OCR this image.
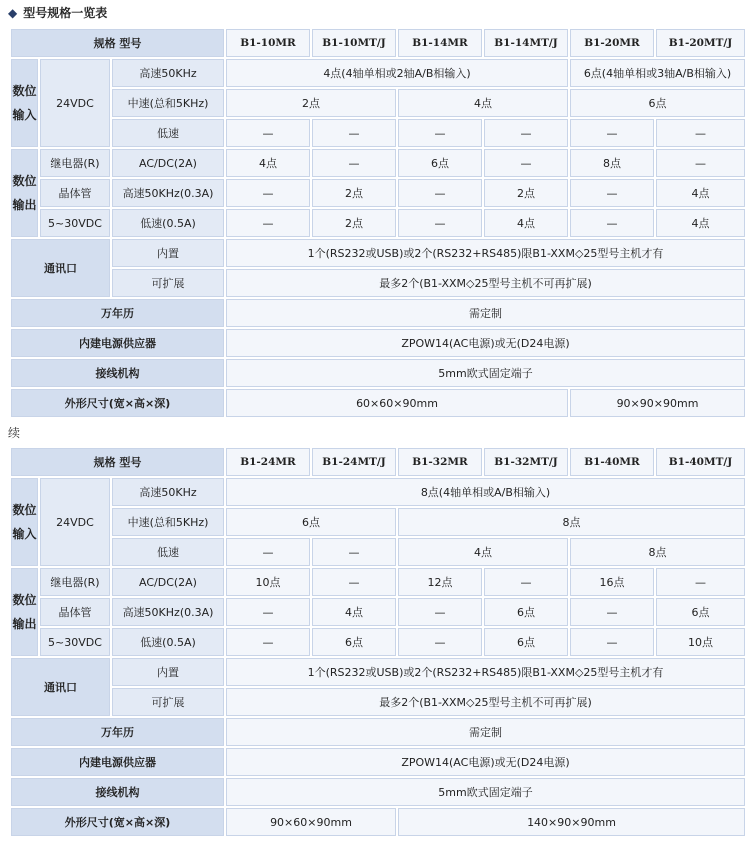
◆ 型号规格一览表
规格 型号			B1-10MR	B1-10MT/J	B1-14MR	B1-14MT/J	B1-20MR	B1-20MT/J
数位输入	24VDC	高速50KHz	4点(4轴单相或2轴A/B相输入)				6点(4轴单相或3轴A/B相输入)	
		中速(总和5KHz)	2点		4点		6点	
		低速	—	—	—	—	—	—
数位输出	继电器(R)	AC/DC(2A)	4点	—	6点	—	8点	—
	晶体管	高速50KHz(0.3A)	—	2点	—	2点	—	4点
	5~30VDC	低速(0.5A)	—	2点	—	4点	—	4点
通讯口		内置	1个(RS232或USB)或2个(RS232+RS485)限B1-XXM◇25型号主机才有					
		可扩展	最多2个(B1-XXM◇25型号主机不可再扩展)					
万年历			需定制					
内建电源供应器			ZPOW14(AC电源)或无(D24电源)					
接线机构			5mm欧式固定端子					
外形尺寸(宽×高×深)			60×60×90mm				90×90×90mm	
续
规格 型号			B1-24MR	B1-24MT/J	B1-32MR	B1-32MT/J	B1-40MR	B1-40MT/J
数位输入	24VDC	高速50KHz	8点(4轴单相或A/B相输入)					
		中速(总和5KHz)	6点		8点			
		低速	—	—	4点		8点	
数位输出	继电器(R)	AC/DC(2A)	10点	—	12点	—	16点	—
	晶体管	高速50KHz(0.3A)	—	4点	—	6点	—	6点
	5~30VDC	低速(0.5A)	—	6点	—	6点	—	10点
通讯口		内置	1个(RS232或USB)或2个(RS232+RS485)限B1-XXM◇25型号主机才有					
		可扩展	最多2个(B1-XXM◇25型号主机不可再扩展)					
万年历			需定制					
内建电源供应器			ZPOW14(AC电源)或无(D24电源)					
接线机构			5mm欧式固定端子					
外形尺寸(宽×高×深)			90×60×90mm		140×90×90mm			
